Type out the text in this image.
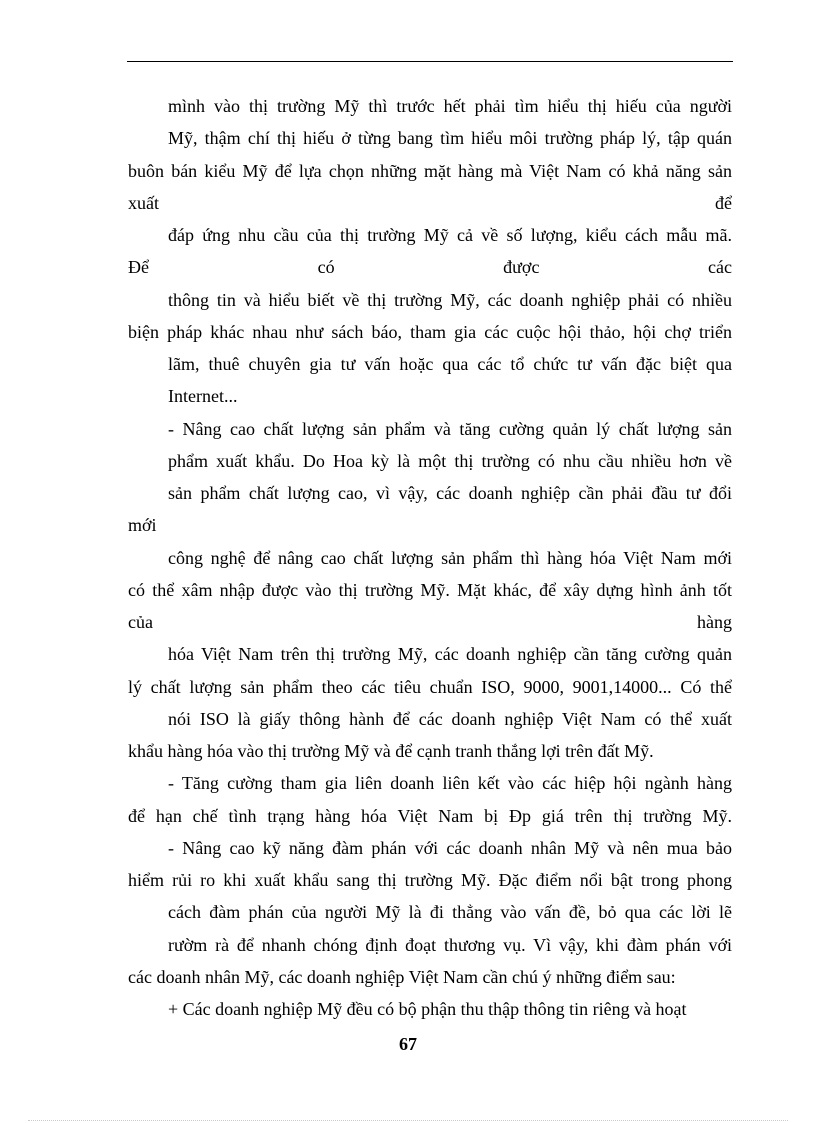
mình vào thị trường Mỹ thì trước hết phải tìm hiểu thị hiếu của người
Mỹ, thậm chí thị hiếu ở từng bang tìm hiểu môi trường pháp lý, tập quán
buôn bán kiểu Mỹ để lựa chọn những mặt hàng mà Việt Nam có khả năng sản
xuất để
đáp ứng nhu cầu của thị trường Mỹ cả về số lượng, kiểu cách mẫu mã.
Để có được các
thông tin và hiểu biết về thị trường Mỹ, các doanh nghiệp phải có nhiều
biện pháp khác nhau như sách báo, tham gia các cuộc hội thảo, hội chợ triển
lãm, thuê chuyên gia tư vấn hoặc qua các tổ chức tư vấn đặc biệt qua
Internet...
- Nâng cao chất lượng sản phẩm và tăng cường quản lý chất lượng sản
phẩm xuất khẩu. Do Hoa kỳ là một thị trường có nhu cầu nhiều hơn về
sản phẩm chất lượng cao, vì vậy, các doanh nghiệp cần phải đầu tư đổi
mới
công nghệ để nâng cao chất lượng sản phẩm thì hàng hóa Việt Nam mới
có thể xâm nhập được vào thị trường Mỹ. Mặt khác, để xây dựng hình ảnh tốt
của hàng
hóa Việt Nam trên thị trường Mỹ, các doanh nghiệp cần tăng cường quản
lý chất lượng sản phẩm theo các tiêu chuẩn ISO, 9000, 9001,14000... Có thể
nói ISO là giấy thông hành để các doanh nghiệp Việt Nam có thể xuất
khẩu hàng hóa vào thị trường Mỹ và để cạnh tranh thắng lợi trên đất Mỹ.
- Tăng cường tham gia liên doanh liên kết vào các hiệp hội ngành hàng
để hạn chế tình trạng hàng hóa Việt Nam bị Đp giá trên thị trường Mỹ.
- Nâng cao kỹ năng đàm phán với các doanh nhân Mỹ và nên mua bảo
hiểm rủi ro khi xuất khẩu sang thị trường Mỹ. Đặc điểm nổi bật trong phong
cách đàm phán của người Mỹ là đi thẳng vào vấn đề, bỏ qua các lời lẽ
rườm rà để nhanh chóng định đoạt thương vụ. Vì vậy, khi đàm phán với
các doanh nhân Mỹ, các doanh nghiệp Việt Nam cần chú ý những điểm sau:
+ Các doanh nghiệp Mỹ đều có bộ phận thu thập thông tin riêng và hoạt
67
